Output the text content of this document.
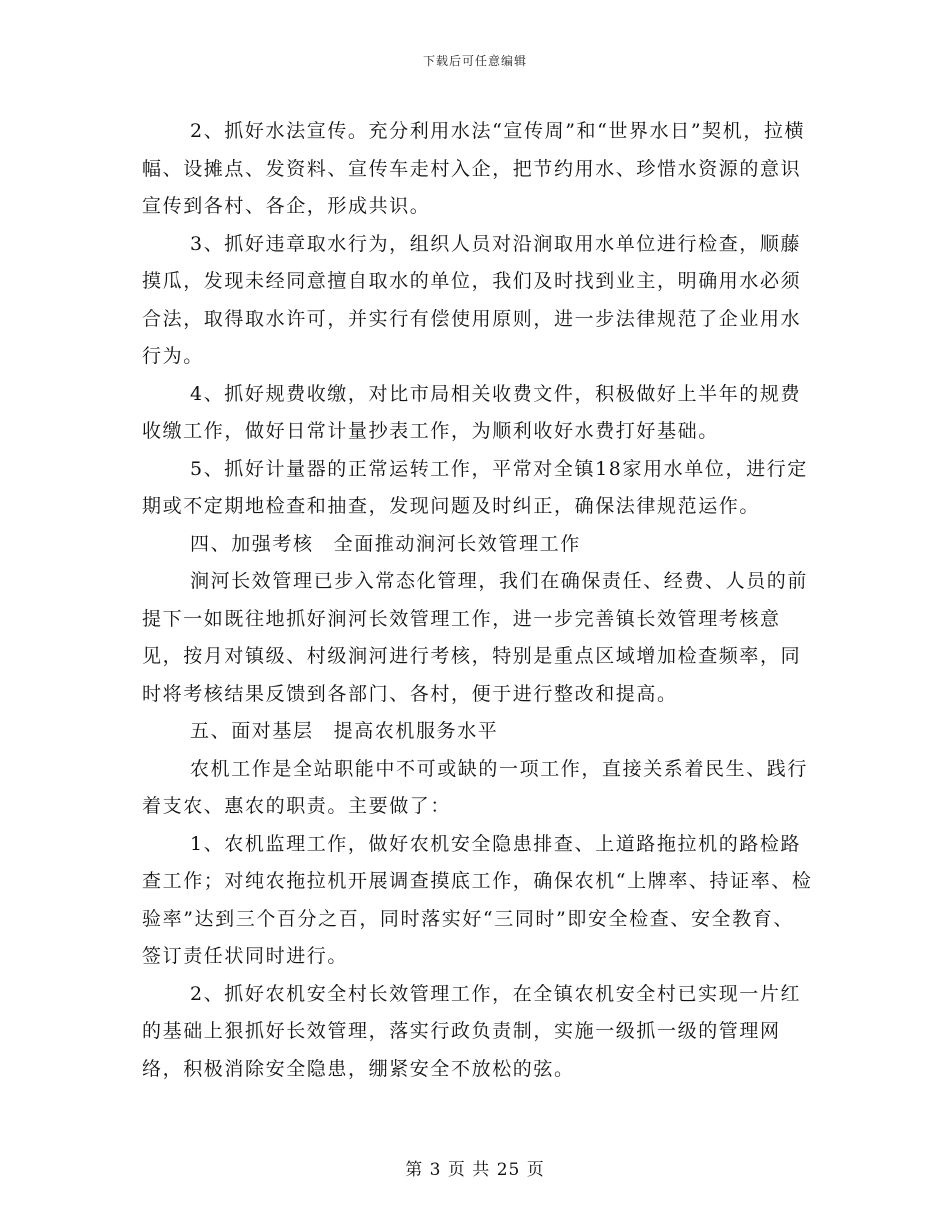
下载后可任意编辑

2、抓好水法宣传。充分利用水法“宣传周”和“世界水日”契机，拉横幅、设摊点、发资料、宣传车走村入企，把节约用水、珍惜水资源的意识宣传到各村、各企，形成共识。

3、抓好违章取水行为，组织人员对沿涧取用水单位进行检查，顺藤摸瓜，发现未经同意擅自取水的单位，我们及时找到业主，明确用水必须合法，取得取水许可，并实行有偿使用原则，进一步法律规范了企业用水行为。

4、抓好规费收缴，对比市局相关收费文件，积极做好上半年的规费收缴工作，做好日常计量抄表工作，为顺利收好水费打好基础。

5、抓好计量器的正常运转工作，平常对全镇18家用水单位，进行定期或不定期地检查和抽查，发现问题及时纠正，确保法律规范运作。

四、加强考核 全面推动涧河长效管理工作

涧河长效管理已步入常态化管理，我们在确保责任、经费、人员的前提下一如既往地抓好涧河长效管理工作，进一步完善镇长效管理考核意见，按月对镇级、村级涧河进行考核，特别是重点区域增加检查频率，同时将考核结果反馈到各部门、各村，便于进行整改和提高。

五、面对基层 提高农机服务水平

农机工作是全站职能中不可或缺的一项工作，直接关系着民生、践行着支农、惠农的职责。主要做了：

1、农机监理工作，做好农机安全隐患排查、上道路拖拉机的路检路查工作；对纯农拖拉机开展调查摸底工作，确保农机“上牌率、持证率、检验率”达到三个百分之百，同时落实好“三同时”即安全检查、安全教育、签订责任状同时进行。

2、抓好农机安全村长效管理工作，在全镇农机安全村已实现一片红的基础上狠抓好长效管理，落实行政负责制，实施一级抓一级的管理网络，积极消除安全隐患，绷紧安全不放松的弦。

第 3 页 共 25 页
